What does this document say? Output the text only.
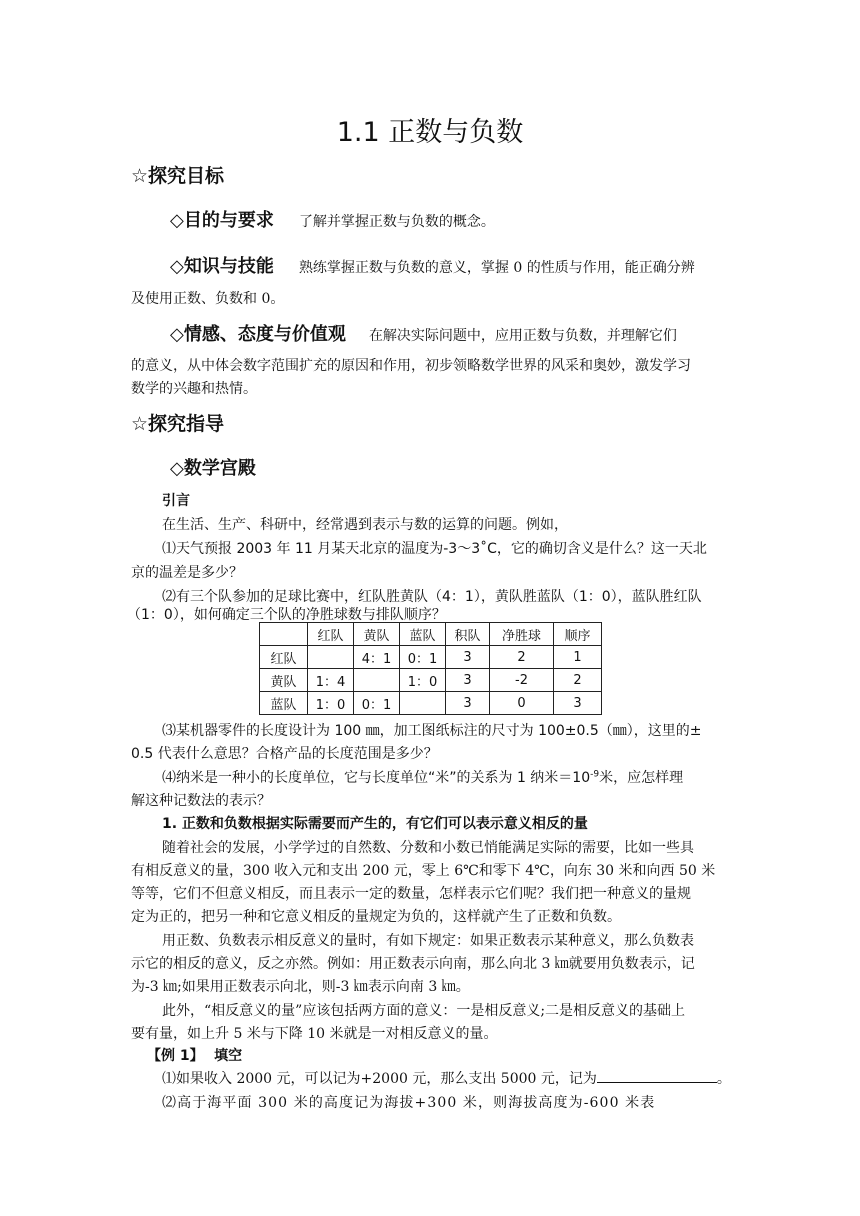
1.1 正数与负数
☆探究目标
◇目的与要求 了解并掌握正数与负数的概念。
◇知识与技能 熟练掌握正数与负数的意义，掌握 0 的性质与作用，能正确分辨
及使用正数、负数和 0。
◇情感、态度与价值观 在解决实际问题中，应用正数与负数，并理解它们
的意义，从中体会数字范围扩充的原因和作用，初步领略数学世界的风采和奥妙，激发学习
数学的兴趣和热情。
☆探究指导
◇数学宫殿
引言
在生活、生产、科研中，经常遇到表示与数的运算的问题。例如，
⑴天气预报 2003 年 11 月某天北京的温度为-3～3˚C，它的确切含义是什么？这一天北
京的温差是多少？
⑵有三个队参加的足球比赛中，红队胜黄队（4：1），黄队胜蓝队（1：0），蓝队胜红队
（1：0），如何确定三个队的净胜球数与排队顺序？
	红队	黄队	蓝队	积队	净胜球	顺序
红队		4：1	0：1	3	2	1
黄队	1：4		1：0	3	-2	2
蓝队	1：0	0：1		3	0	3
⑶某机器零件的长度设计为 100 ㎜，加工图纸标注的尺寸为 100±0.5（㎜），这里的±
0.5 代表什么意思？合格产品的长度范围是多少？
⑷纳米是一种小的长度单位，它与长度单位“米”的关系为 1 纳米$=10^{-9}$米，应怎样理
解这种记数法的表示？
1. 正数和负数根据实际需要而产生的，有它们可以表示意义相反的量
随着社会的发展，小学学过的自然数、分数和小数已悄能满足实际的需要，比如一些具
有相反意义的量，300 收入元和支出 200 元，零上 6℃和零下 4℃，向东 30 米和向西 50 米
等等，它们不但意义相反，而且表示一定的数量，怎样表示它们呢？我们把一种意义的量规
定为正的，把另一种和它意义相反的量规定为负的，这样就产生了正数和负数。
用正数、负数表示相反意义的量时，有如下规定：如果正数表示某种意义，那么负数表
示它的相反的意义，反之亦然。例如：用正数表示向南，那么向北 3 ㎞就要用负数表示，记
为-3 ㎞;如果用正数表示向北，则-3 ㎞表示向南 3 ㎞。
此外，“相反意义的量”应该包括两方面的意义：一是相反意义;二是相反意义的基础上
要有量，如上升 5 米与下降 10 米就是一对相反意义的量。
【例 1】 填空
⑴如果收入 2000 元，可以记为+2000 元，那么支出 5000 元，记为	。
⑵高于海平面 300 米的高度记为海拔+300 米，则海拔高度为-600 米表
